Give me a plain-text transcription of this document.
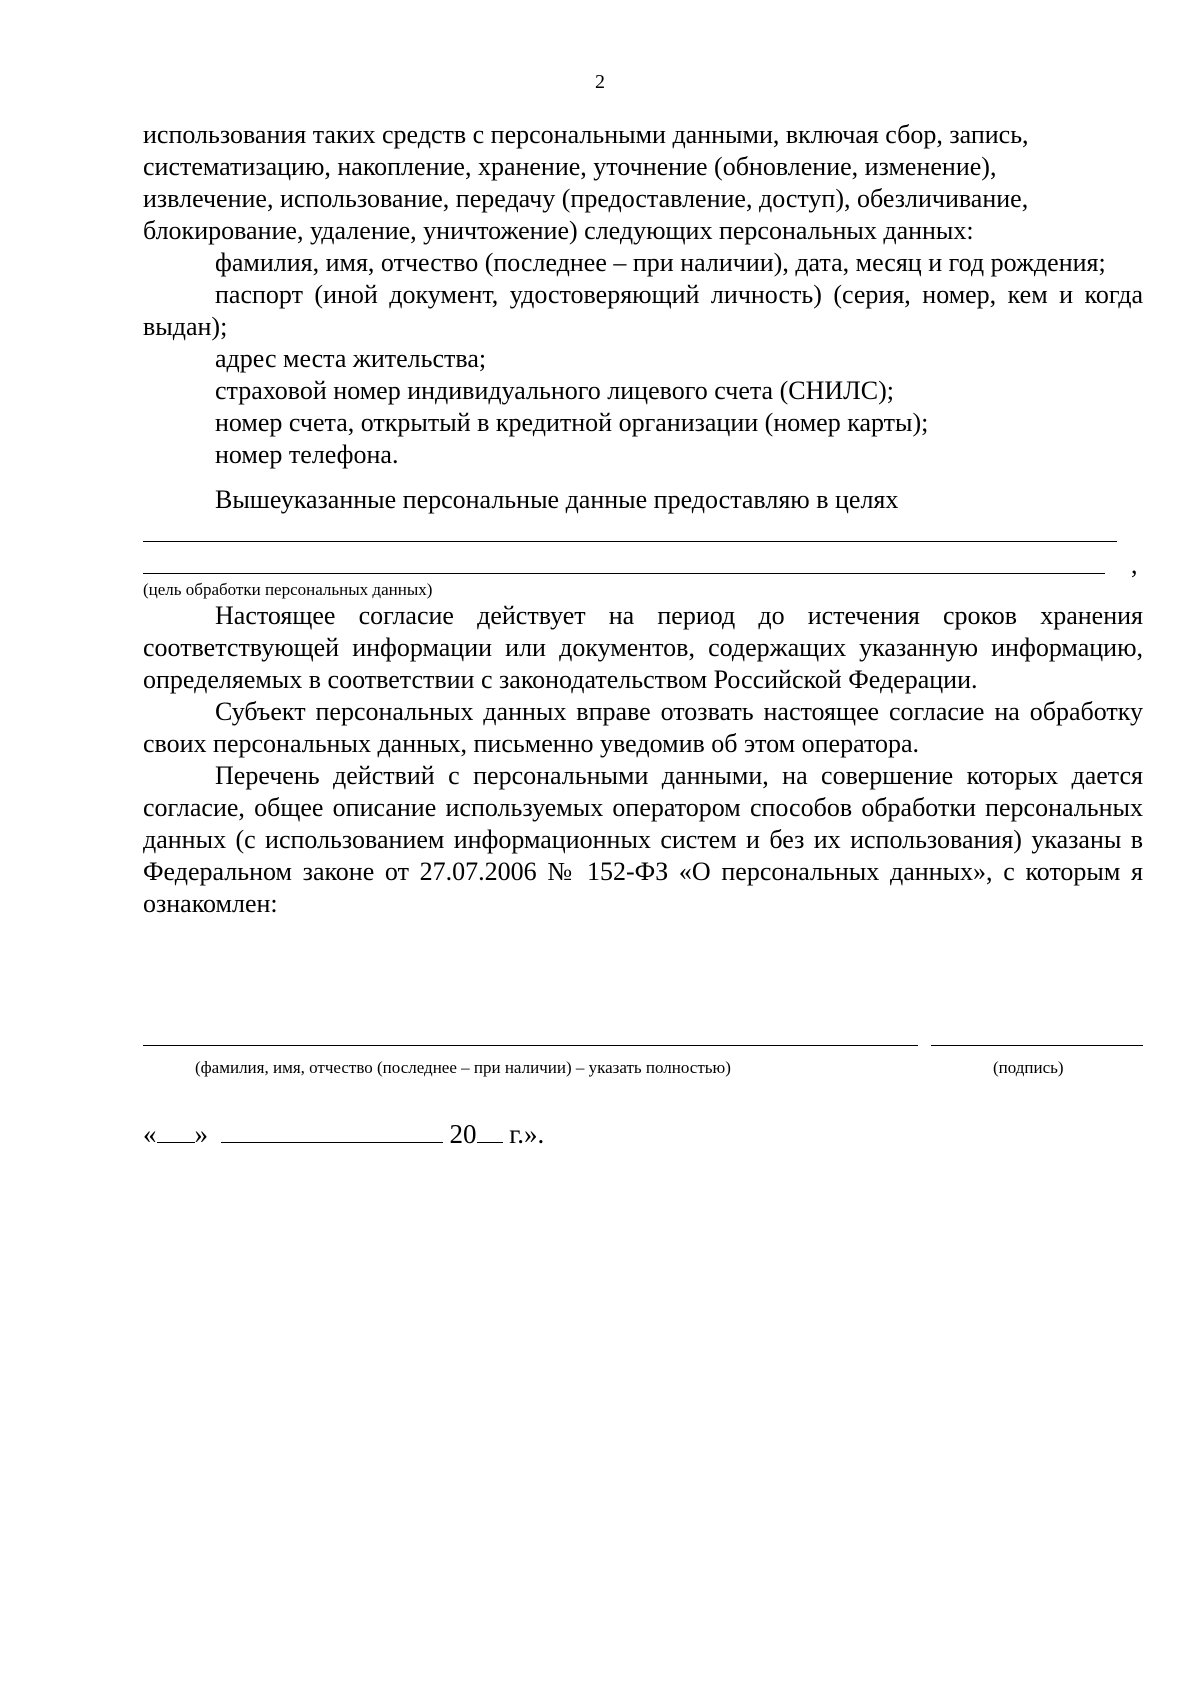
2

использования таких средств с персональными данными, включая сбор, запись,

систематизацию, накопление, хранение, уточнение (обновление, изменение),

извлечение, использование, передачу (предоставление, доступ), обезличивание,

блокирование, удаление, уничтожение) следующих персональных данных:

фамилия, имя, отчество (последнее – при наличии), дата, месяц и год рождения;

паспорт (иной документ, удостоверяющий личность) (серия, номер, кем и когда выдан);

адрес места жительства;

страховой номер индивидуального лицевого счета (СНИЛС);

номер счета, открытый в кредитной организации (номер карты);

номер телефона.

Вышеуказанные персональные данные предоставляю в целях

,

(цель обработки персональных данных)

Настоящее согласие действует на период до истечения сроков хранения соответствующей информации или документов, содержащих указанную информацию, определяемых в соответствии с законодательством Российской Федерации.

Субъект персональных данных вправе отозвать настоящее согласие на обработку своих персональных данных, письменно уведомив об этом оператора.

Перечень действий с персональными данными, на совершение которых дается согласие, общее описание используемых оператором способов обработки персональных данных (с использованием информационных систем и без их использования) указаны в Федеральном законе от 27.07.2006 № 152-ФЗ «О персональных данных», с которым я ознакомлен:

(фамилия, имя, отчество (последнее – при наличии) – указать полностью)	(подпись)
« »	20 г.».
